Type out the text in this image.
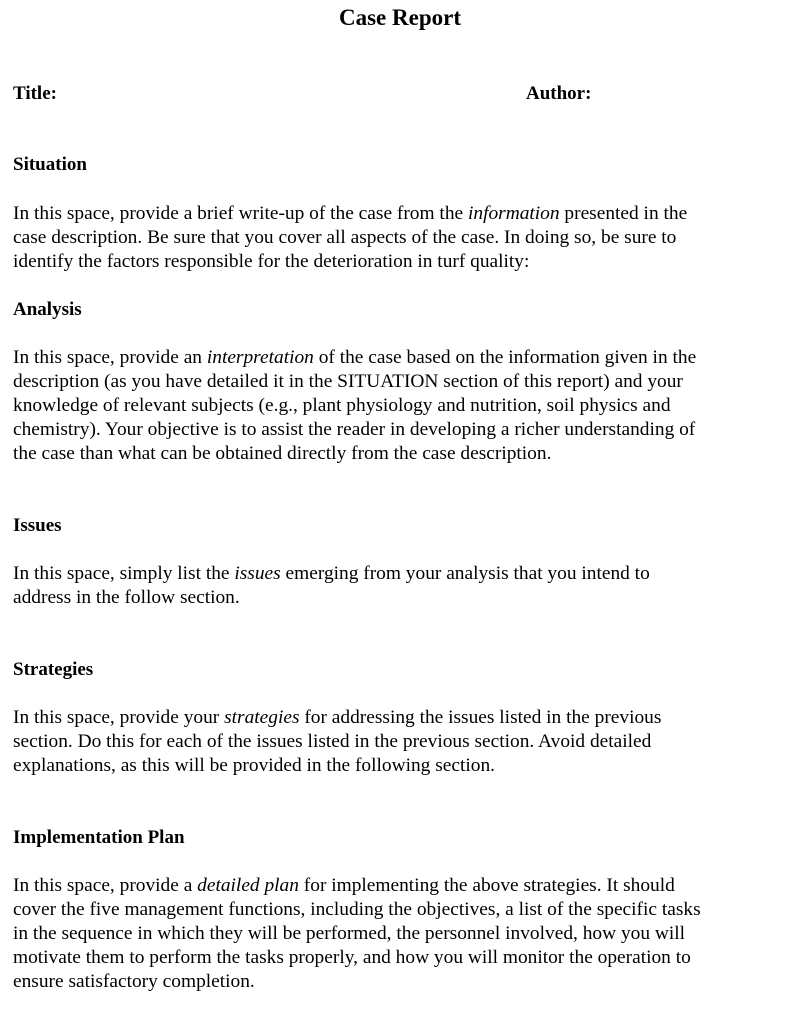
Case Report
Title:	Author:
Situation
In this space, provide a brief write-up of the case from the information presented in the
case description. Be sure that you cover all aspects of the case. In doing so, be sure to
identify the factors responsible for the deterioration in turf quality:
Analysis
In this space, provide an interpretation of the case based on the information given in the
description (as you have detailed it in the SITUATION section of this report) and your
knowledge of relevant subjects (e.g., plant physiology and nutrition, soil physics and
chemistry). Your objective is to assist the reader in developing a richer understanding of
the case than what can be obtained directly from the case description.
Issues
In this space, simply list the issues emerging from your analysis that you intend to
address in the follow section.
Strategies
In this space, provide your strategies for addressing the issues listed in the previous
section. Do this for each of the issues listed in the previous section. Avoid detailed
explanations, as this will be provided in the following section.
Implementation Plan
In this space, provide a detailed plan for implementing the above strategies. It should
cover the five management functions, including the objectives, a list of the specific tasks
in the sequence in which they will be performed, the personnel involved, how you will
motivate them to perform the tasks properly, and how you will monitor the operation to
ensure satisfactory completion.
